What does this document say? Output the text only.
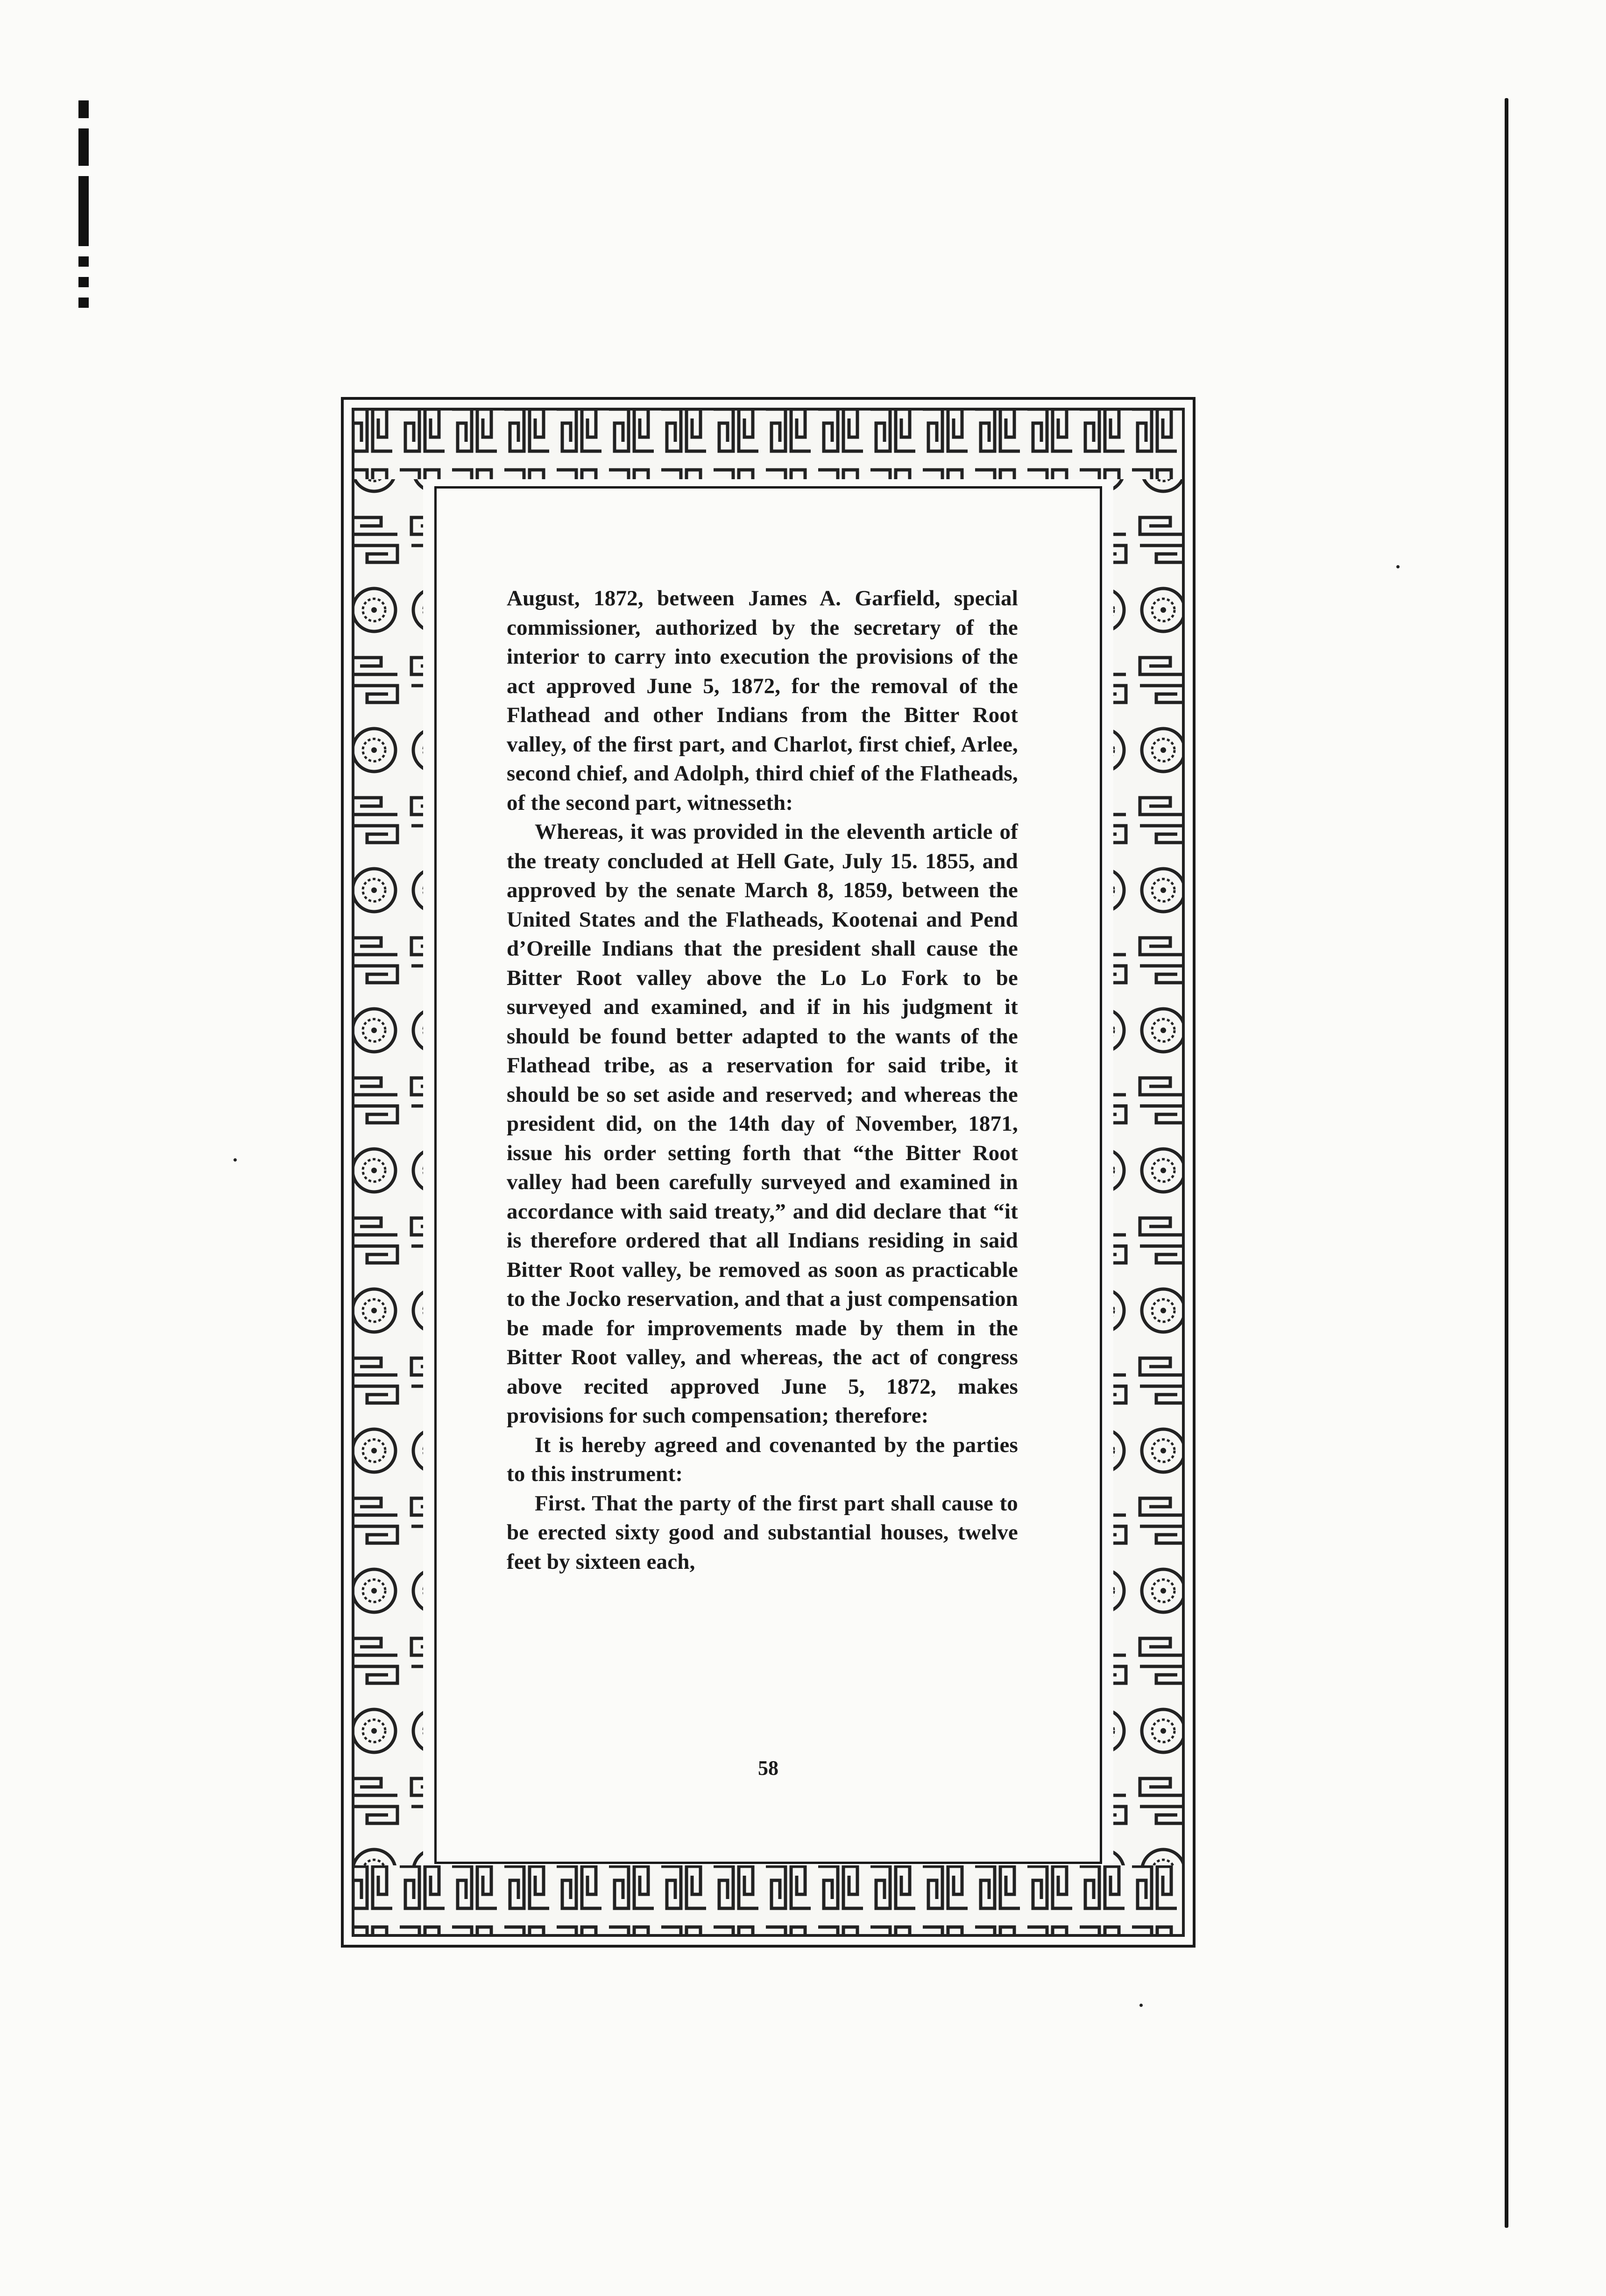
August, 1872, between James A. Garfield, special commissioner, authorized by the secretary of the interior to carry into execution the provisions of the act approved June 5, 1872, for the removal of the Flathead and other Indians from the Bitter Root valley, of the first part, and Charlot, first chief, Arlee, second chief, and Adolph, third chief of the Flatheads, of the second part, witnesseth:

Whereas, it was provided in the eleventh article of the treaty concluded at Hell Gate, July 15. 1855, and approved by the senate March 8, 1859, between the United States and the Flatheads, Kootenai and Pend d’Oreille Indians that the president shall cause the Bitter Root valley above the Lo Lo Fork to be surveyed and examined, and if in his judgment it should be found better adapted to the wants of the Flathead tribe, as a reservation for said tribe, it should be so set aside and reserved; and whereas the president did, on the 14th day of November, 1871, issue his order setting forth that “the Bitter Root valley had been carefully surveyed and examined in accordance with said treaty,” and did declare that “it is therefore ordered that all Indians residing in said Bitter Root valley, be removed as soon as practicable to the Jocko reservation, and that a just compensation be made for improvements made by them in the Bitter Root valley, and whereas, the act of congress above recited approved June 5, 1872, makes provisions for such compensation; therefore:

It is hereby agreed and covenanted by the parties to this instrument:

First. That the party of the first part shall cause to be erected sixty good and substantial houses, twelve feet by sixteen each,

58
